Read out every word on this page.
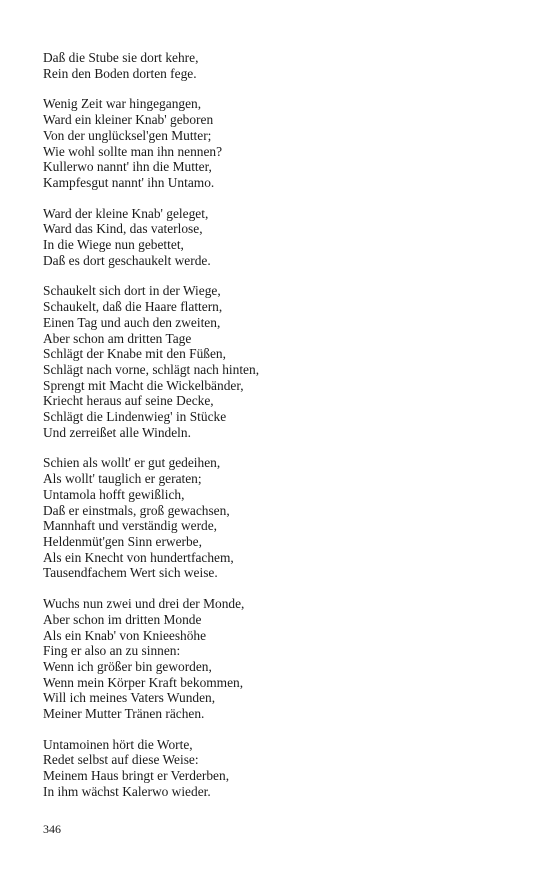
Daß die Stube sie dort kehre,
Rein den Boden dorten fege.
Wenig Zeit war hingegangen,
Ward ein kleiner Knab' geboren
Von der unglücksel'gen Mutter;
Wie wohl sollte man ihn nennen?
Kullerwo nannt' ihn die Mutter,
Kampfesgut nannt' ihn Untamo.
Ward der kleine Knab' geleget,
Ward das Kind, das vaterlose,
In die Wiege nun gebettet,
Daß es dort geschaukelt werde.
Schaukelt sich dort in der Wiege,
Schaukelt, daß die Haare flattern,
Einen Tag und auch den zweiten,
Aber schon am dritten Tage
Schlägt der Knabe mit den Füßen,
Schlägt nach vorne, schlägt nach hinten,
Sprengt mit Macht die Wickelbänder,
Kriecht heraus auf seine Decke,
Schlägt die Lindenwieg' in Stücke
Und zerreißet alle Windeln.
Schien als wollt' er gut gedeihen,
Als wollt' tauglich er geraten;
Untamola hofft gewißlich,
Daß er einstmals, groß gewachsen,
Mannhaft und verständig werde,
Heldenmüt'gen Sinn erwerbe,
Als ein Knecht von hundertfachem,
Tausendfachem Wert sich weise.
Wuchs nun zwei und drei der Monde,
Aber schon im dritten Monde
Als ein Knab' von Knieeshöhe
Fing er also an zu sinnen:
Wenn ich größer bin geworden,
Wenn mein Körper Kraft bekommen,
Will ich meines Vaters Wunden,
Meiner Mutter Tränen rächen.
Untamoinen hört die Worte,
Redet selbst auf diese Weise:
Meinem Haus bringt er Verderben,
In ihm wächst Kalerwo wieder.
346
